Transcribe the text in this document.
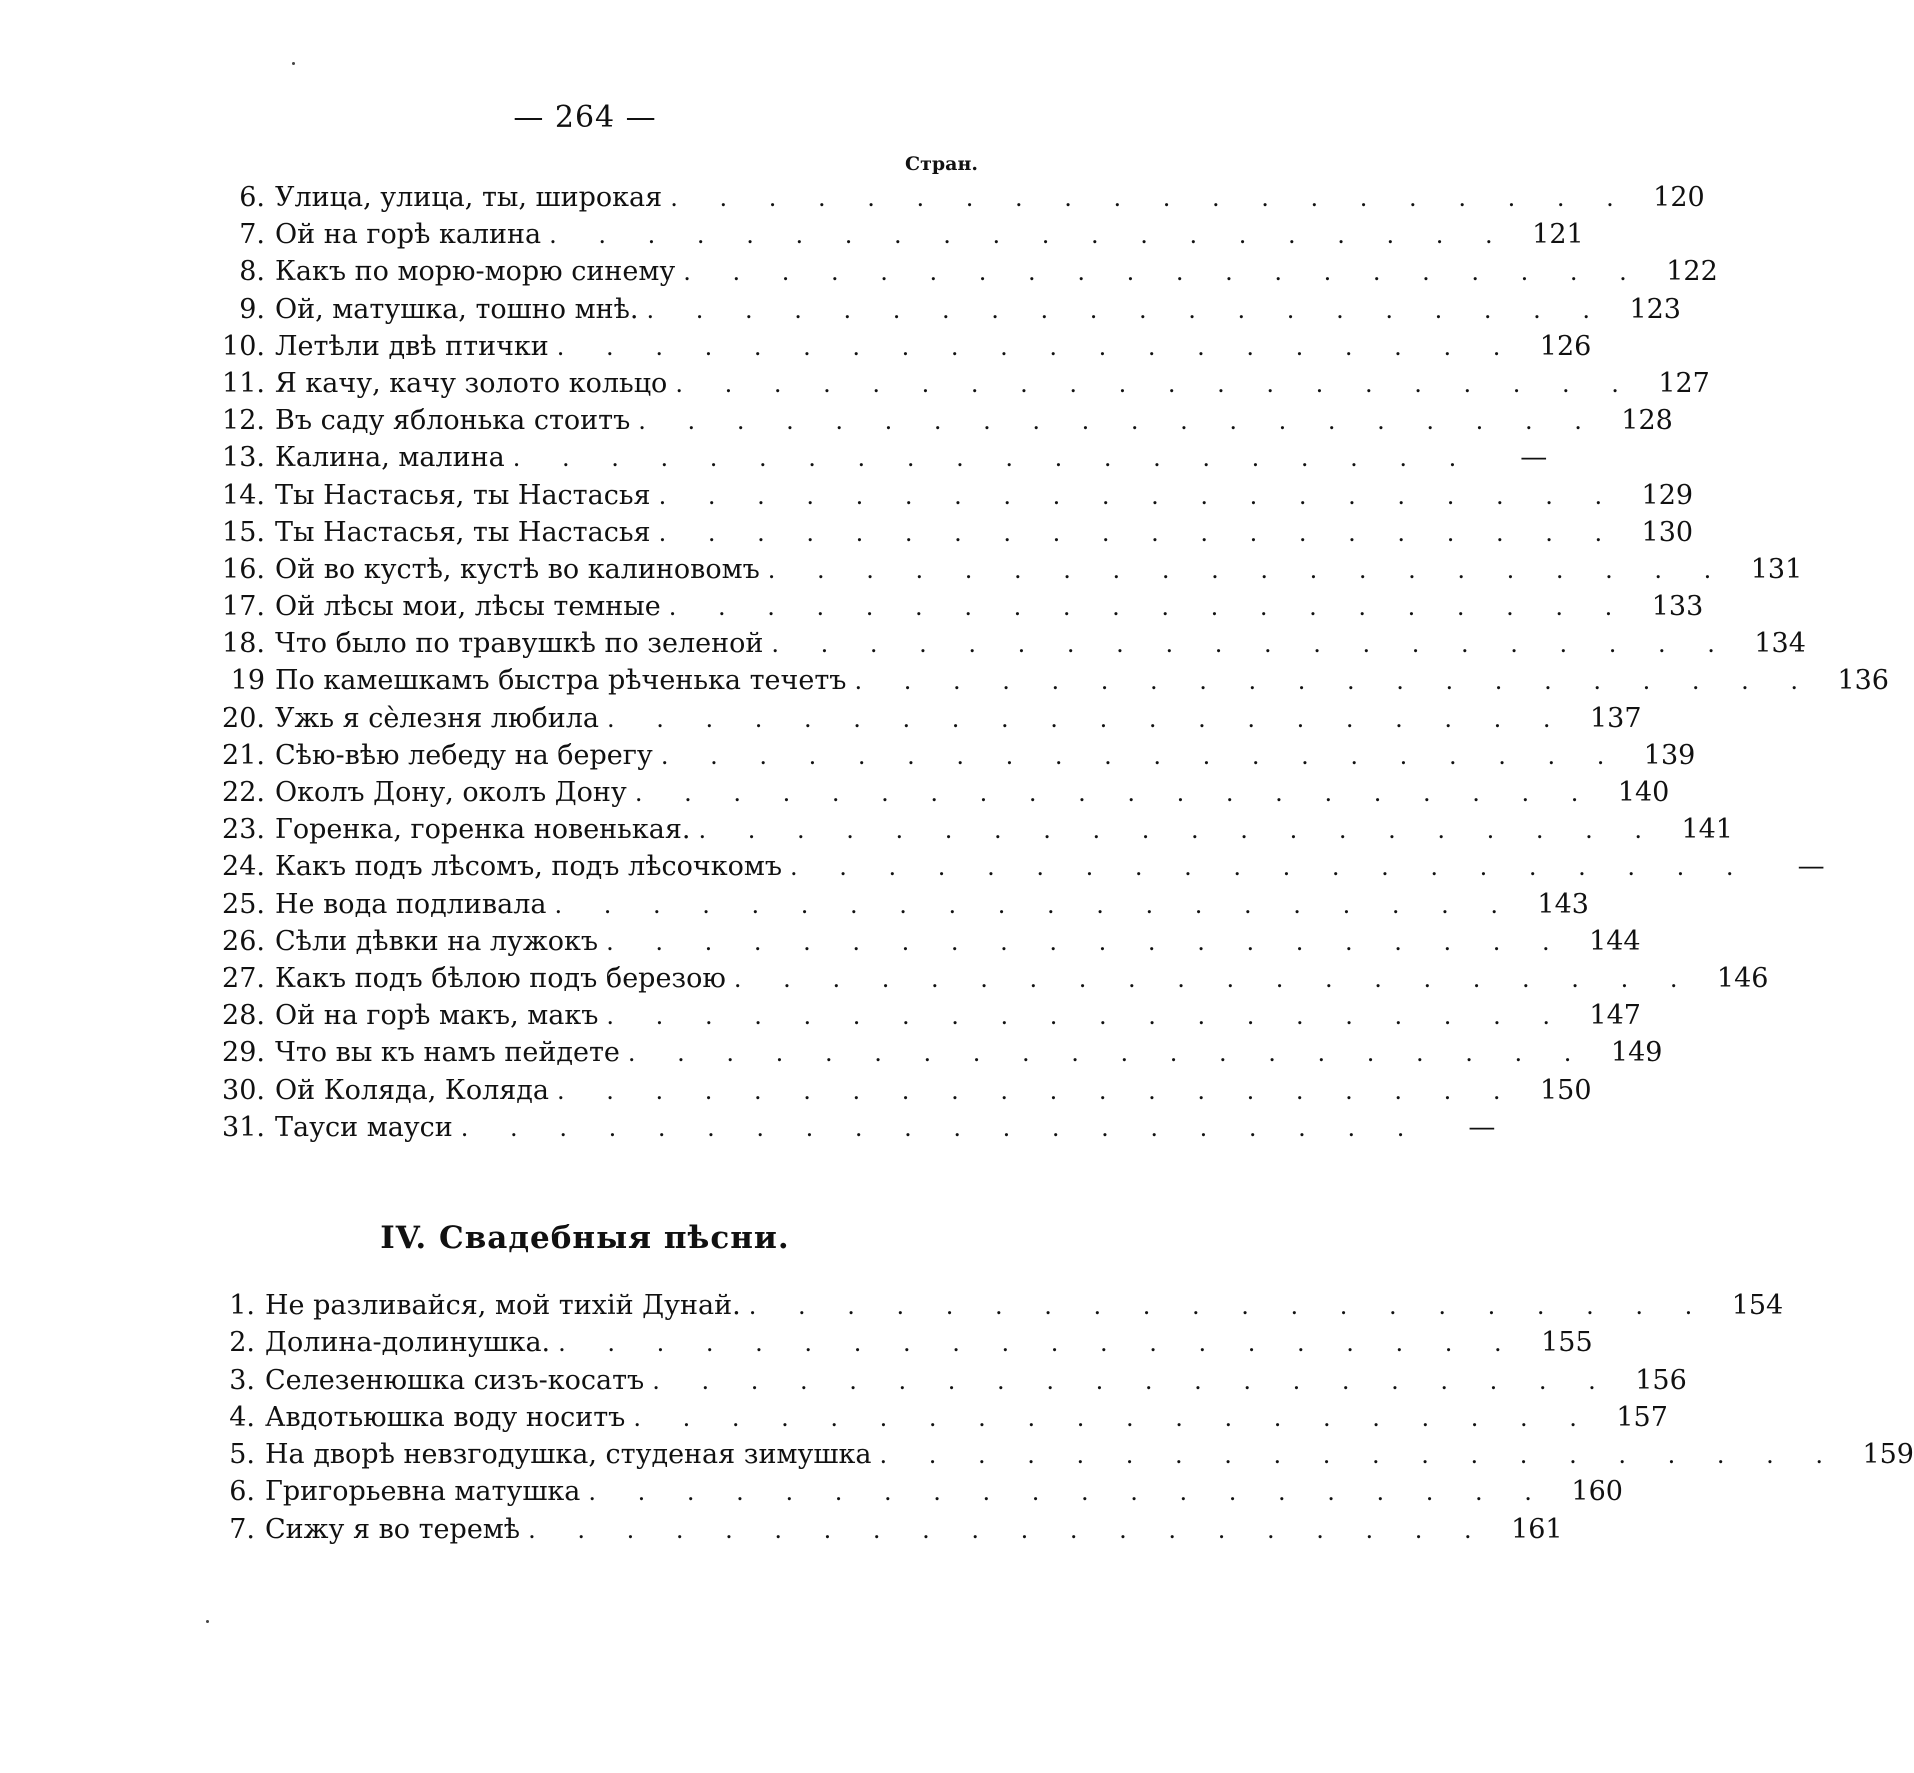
— 264 —
Стран.
6. Улица, улица, ты, широкая . . . . . . . . . . . . . . . . . . . . 120
7. Ой на горѣ калина . . . . . . . . . . . . . . . . . . . . 121
8. Какъ по морю-морю синему . . . . . . . . . . . . . . . . . . . . 122
9. Ой, матушка, тошно мнѣ. . . . . . . . . . . . . . . . . . . . . 123
10. Летѣли двѣ птички . . . . . . . . . . . . . . . . . . . . 126
11. Я качу, качу золото кольцо . . . . . . . . . . . . . . . . . . . . 127
12. Въ саду яблонька стоитъ . . . . . . . . . . . . . . . . . . . . 128
13. Калина, малина . . . . . . . . . . . . . . . . . . . .	—
14. Ты Настасья, ты Настасья . . . . . . . . . . . . . . . . . . . . 129
15. Ты Настасья, ты Настасья . . . . . . . . . . . . . . . . . . . . 130
16. Ой во кустѣ, кустѣ во калиновомъ . . . . . . . . . . . . . . . . . . . . 131
17. Ой лѣсы мои, лѣсы темные . . . . . . . . . . . . . . . . . . . . 133
18. Что было по травушкѣ по зеленой . . . . . . . . . . . . . . . . . . . . 134
19 По камешкамъ быстра рѣченька течетъ . . . . . . . . . . . . . . . . . . . . 136
20. Ужь я сѐлезня любила . . . . . . . . . . . . . . . . . . . . 137
21. Сѣю-вѣю лебеду на берегу . . . . . . . . . . . . . . . . . . . . 139
22. Околъ Дону, околъ Дону . . . . . . . . . . . . . . . . . . . . 140
23. Горенка, горенка новенькая. . . . . . . . . . . . . . . . . . . . . 141
24. Какъ подъ лѣсомъ, подъ лѣсочкомъ . . . . . . . . . . . . . . . . . . . .	—
25. Не вода подливала . . . . . . . . . . . . . . . . . . . . 143
26. Сѣли дѣвки на лужокъ . . . . . . . . . . . . . . . . . . . . 144
27. Какъ подъ бѣлою подъ березою . . . . . . . . . . . . . . . . . . . . 146
28. Ой на горѣ макъ, макъ . . . . . . . . . . . . . . . . . . . . 147
29. Что вы къ намъ пейдете . . . . . . . . . . . . . . . . . . . . 149
30. Ой Коляда, Коляда . . . . . . . . . . . . . . . . . . . . 150
31. Тауси мауси . . . . . . . . . . . . . . . . . . . .	—
IV. Свадебныя пѣсни.
1. Не разливайся, мой тихій Дунай. . . . . . . . . . . . . . . . . . . . . 154
2. Долина-долинушка. . . . . . . . . . . . . . . . . . . . . 155
3. Селезенюшка сизъ-косатъ . . . . . . . . . . . . . . . . . . . . 156
4. Авдотьюшка воду носитъ . . . . . . . . . . . . . . . . . . . . 157
5. На дворѣ невзгодушка, студеная зимушка . . . . . . . . . . . . . . . . . . . . 159
6. Григорьевна матушка . . . . . . . . . . . . . . . . . . . . 160
7. Сижу я во теремѣ . . . . . . . . . . . . . . . . . . . . 161
